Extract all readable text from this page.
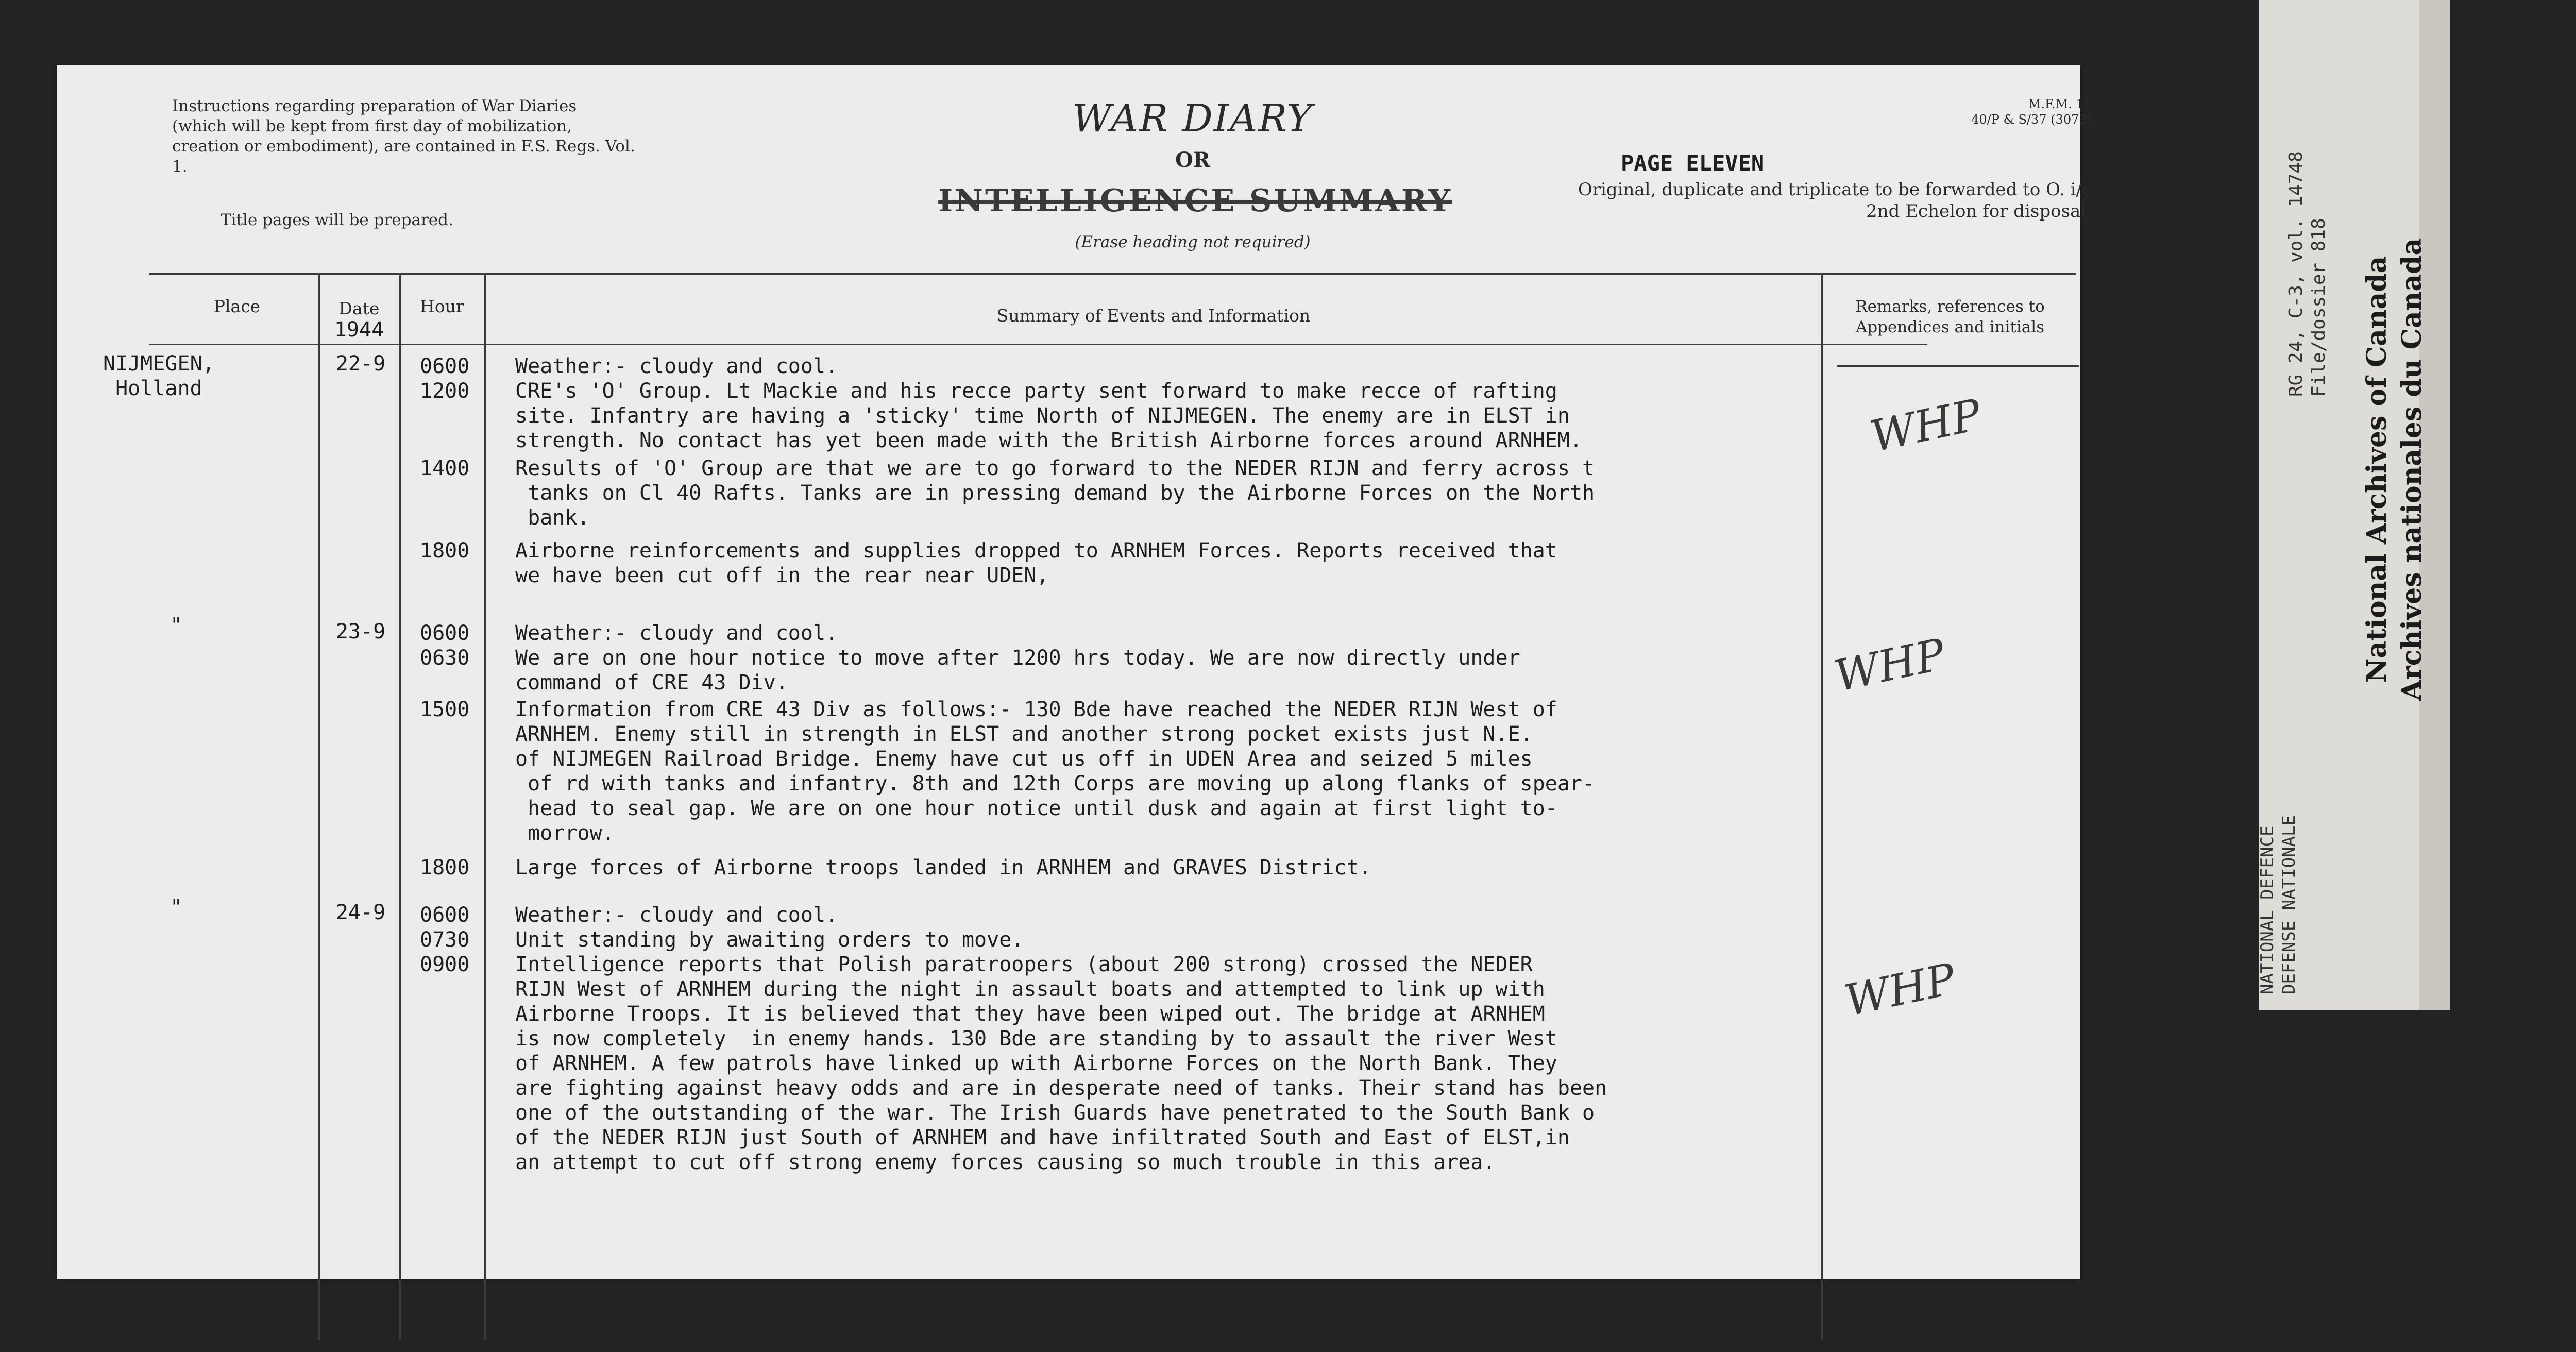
Instructions regarding preparation of War Diaries (which will be kept from first day of mobilization, creation or embodiment), are contained in F.S. Regs. Vol. 1.
Title pages will be prepared.
WAR DIARY
OR
INTELLIGENCE SUMMARY
(Erase heading not required)
M.F.M. 11
40/P & S/37 (3072)
PAGE ELEVEN
Original, duplicate and triplicate to be forwarded to O. i/c 2nd Echelon for disposal.
Place	Date
1944
Hour	Summary of Events and Information	Remarks, references to Appendices and initials
NIJMEGEN,
Holland
22-9	0600 Weather:- cloudy and cool.
1200 CRE's 'O' Group. Lt Mackie and his recce party sent forward to make recce of rafting
site. Infantry are having a 'sticky' time North of NIJMEGEN. The enemy are in ELST in
strength. No contact has yet been made with the British Airborne forces around ARNHEM.
1400 Results of 'O' Group are that we are to go forward to the NEDER RIJN and ferry across t
tanks on Cl 40 Rafts. Tanks are in pressing demand by the Airborne Forces on the North
bank.
1800 Airborne reinforcements and supplies dropped to ARNHEM Forces. Reports received that
we have been cut off in the rear near UDEN,
WHP
"	23-9	0600 Weather:- cloudy and cool.
0630 We are on one hour notice to move after 1200 hrs today. We are now directly under
command of CRE 43 Div.
1500 Information from CRE 43 Div as follows:- 130 Bde have reached the NEDER RIJN West of
ARNHEM. Enemy still in strength in ELST and another strong pocket exists just N.E.
of NIJMEGEN Railroad Bridge. Enemy have cut us off in UDEN Area and seized 5 miles
of rd with tanks and infantry. 8th and 12th Corps are moving up along flanks of spear-
head to seal gap. We are on one hour notice until dusk and again at first light to-
morrow.
1800 Large forces of Airborne troops landed in ARNHEM and GRAVES District.
WHP
"	24-9	0600 Weather:- cloudy and cool.
0730 Unit standing by awaiting orders to move.
0900 Intelligence reports that Polish paratroopers (about 200 strong) crossed the NEDER
RIJN West of ARNHEM during the night in assault boats and attempted to link up with
Airborne Troops. It is believed that they have been wiped out. The bridge at ARNHEM
is now completely  in enemy hands. 130 Bde are standing by to assault the river West
of ARNHEM. A few patrols have linked up with Airborne Forces on the North Bank. They
are fighting against heavy odds and are in desperate need of tanks. Their stand has been
one of the outstanding of the war. The Irish Guards have penetrated to the South Bank o
of the NEDER RIJN just South of ARNHEM and have infiltrated South and East of ELST,in
an attempt to cut off strong enemy forces causing so much trouble in this area.
WHP
RG 24, C-3, vol. 14748
File/dossier 818
NATIONAL DEFENCE
DEFENSE NATIONALE
National Archives of Canada
Archives nationales du Canada
